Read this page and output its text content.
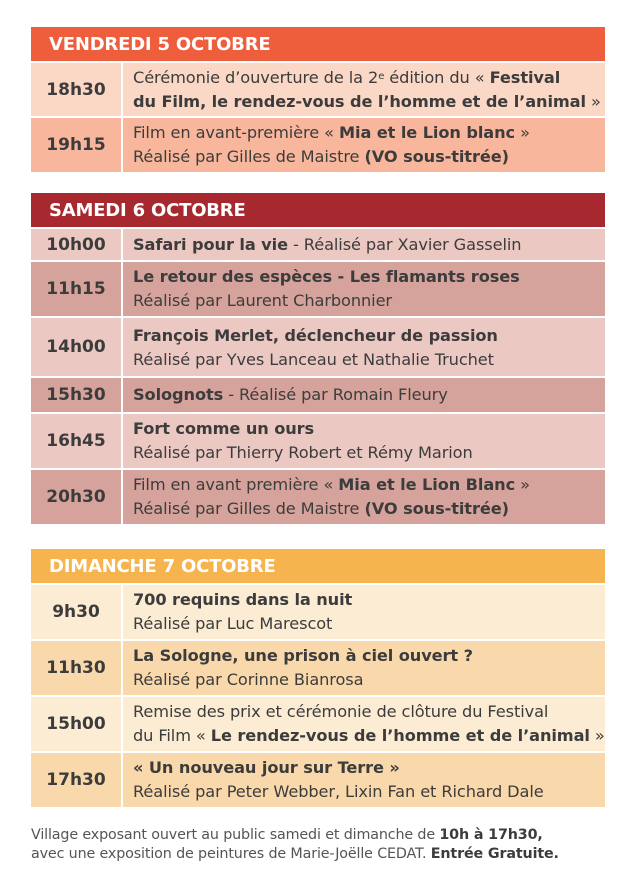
VENDREDI 5 OCTOBRE
18h30
Cérémonie d’ouverture de la 2e édition du « Festival
du Film, le rendez-vous de l’homme et de l’animal »
19h15
Film en avant-première « Mia et le Lion blanc »
Réalisé par Gilles de Maistre (VO sous-titrée)
SAMEDI 6 OCTOBRE
10h00	Safari pour la vie - Réalisé par Xavier Gasselin
11h15
Le retour des espèces - Les flamants roses
Réalisé par Laurent Charbonnier
14h00
François Merlet, déclencheur de passion
Réalisé par Yves Lanceau et Nathalie Truchet
15h30	Solognots - Réalisé par Romain Fleury
16h45
Fort comme un ours
Réalisé par Thierry Robert et Rémy Marion
20h30
Film en avant première « Mia et le Lion Blanc »
Réalisé par Gilles de Maistre (VO sous-titrée)
DIMANCHE 7 OCTOBRE
9h30
700 requins dans la nuit
Réalisé par Luc Marescot
11h30
La Sologne, une prison à ciel ouvert ?
Réalisé par Corinne Bianrosa
15h00
Remise des prix et cérémonie de clôture du Festival
du Film « Le rendez-vous de l’homme et de l’animal »
17h30
« Un nouveau jour sur Terre »
Réalisé par Peter Webber, Lixin Fan et Richard Dale
Village exposant ouvert au public samedi et dimanche de 10h à 17h30,
avec une exposition de peintures de Marie-Joëlle CEDAT. Entrée Gratuite.
